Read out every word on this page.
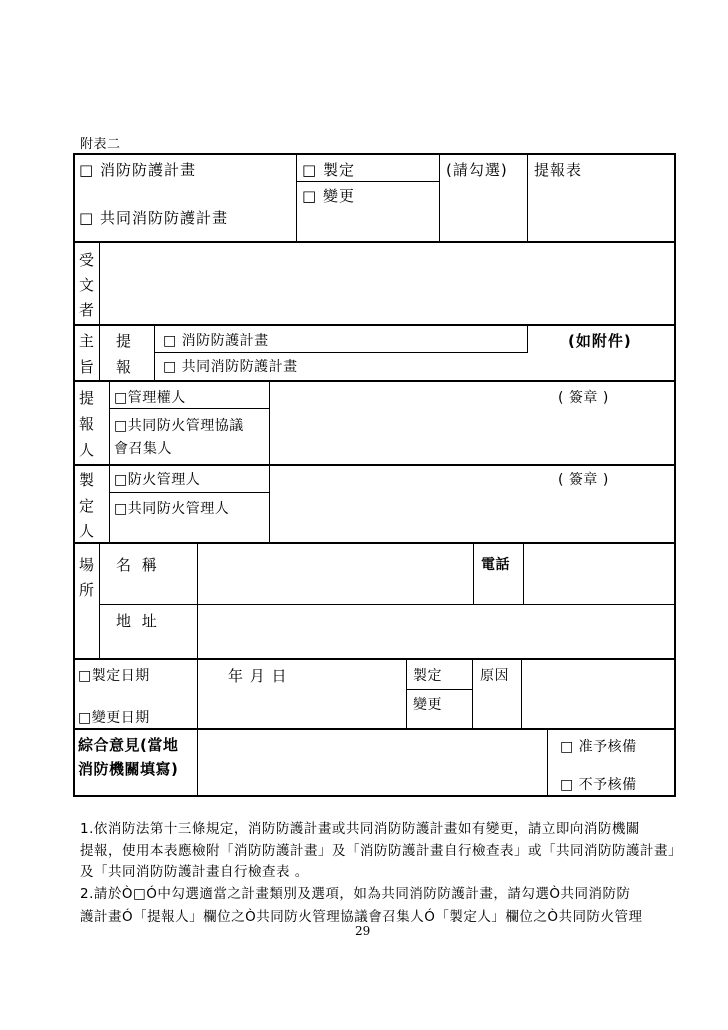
附表二
□ 消防防護計畫
□ 共同消防防護計畫
□ 製定
□ 變更
(請勾選) 提報表
受
文
者
主
旨
提
報
□ 消防防護計畫
□ 共同消防防護計畫
(如附件)
提
報
人
□管理權人
□共同防火管理協議
會召集人
( 簽章 )
製
定
人
□防火管理人
□共同防火管理人
( 簽章 )
場
所
名 稱	電話
地 址
□製定日期
□變更日期
年 月 日	製定
變更
原因
綜合意見(當地
消防機關填寫)
□ 准予核備
□ 不予核備
1.依消防法第十三條規定，消防防護計畫或共同消防防護計畫如有變更，請立即向消防機關
提報，使用本表應檢附「消防防護計畫」及「消防防護計畫自行檢查表」或「共同消防防護計畫」
及「共同消防防護計畫自行檢查表 。
2.請於Ò□Ó中勾選適當之計畫類別及選項，如為共同消防防護計畫，請勾選Ò共同消防防
護計畫Ó「提報人」欄位之Ò共同防火管理協議會召集人Ó「製定人」欄位之Ò共同防火管理
29
